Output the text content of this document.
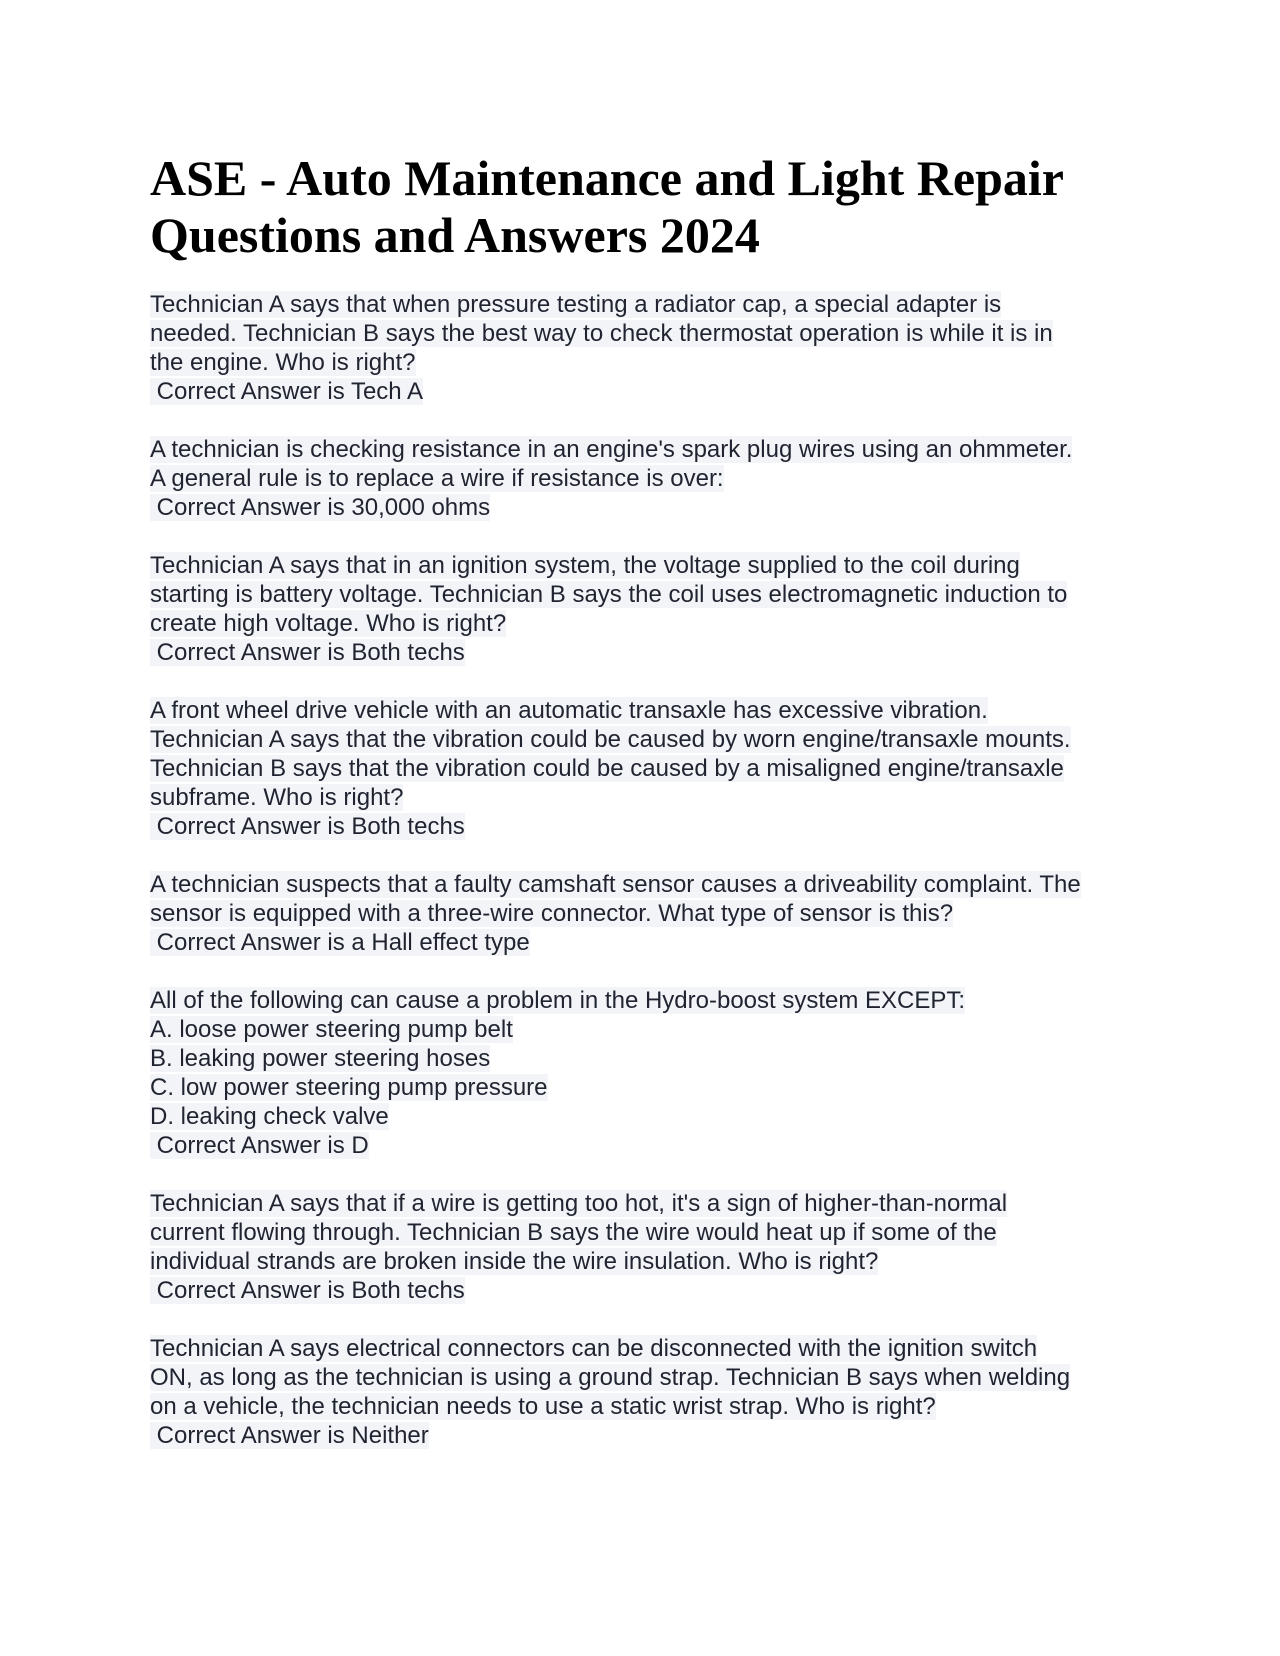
ASE - Auto Maintenance and Light Repair
Questions and Answers 2024
Technician A says that when pressure testing a radiator cap, a special adapter is
needed. Technician B says the best way to check thermostat operation is while it is in
the engine. Who is right?
Correct Answer is Tech A
A technician is checking resistance in an engine's spark plug wires using an ohmmeter.
A general rule is to replace a wire if resistance is over:
Correct Answer is 30,000 ohms
Technician A says that in an ignition system, the voltage supplied to the coil during
starting is battery voltage. Technician B says the coil uses electromagnetic induction to
create high voltage. Who is right?
Correct Answer is Both techs
A front wheel drive vehicle with an automatic transaxle has excessive vibration.
Technician A says that the vibration could be caused by worn engine/transaxle mounts.
Technician B says that the vibration could be caused by a misaligned engine/transaxle
subframe. Who is right?
Correct Answer is Both techs
A technician suspects that a faulty camshaft sensor causes a driveability complaint. The
sensor is equipped with a three-wire connector. What type of sensor is this?
Correct Answer is a Hall effect type
All of the following can cause a problem in the Hydro-boost system EXCEPT:
A. loose power steering pump belt
B. leaking power steering hoses
C. low power steering pump pressure
D. leaking check valve
Correct Answer is D
Technician A says that if a wire is getting too hot, it's a sign of higher-than-normal
current flowing through. Technician B says the wire would heat up if some of the
individual strands are broken inside the wire insulation. Who is right?
Correct Answer is Both techs
Technician A says electrical connectors can be disconnected with the ignition switch
ON, as long as the technician is using a ground strap. Technician B says when welding
on a vehicle, the technician needs to use a static wrist strap. Who is right?
Correct Answer is Neither
